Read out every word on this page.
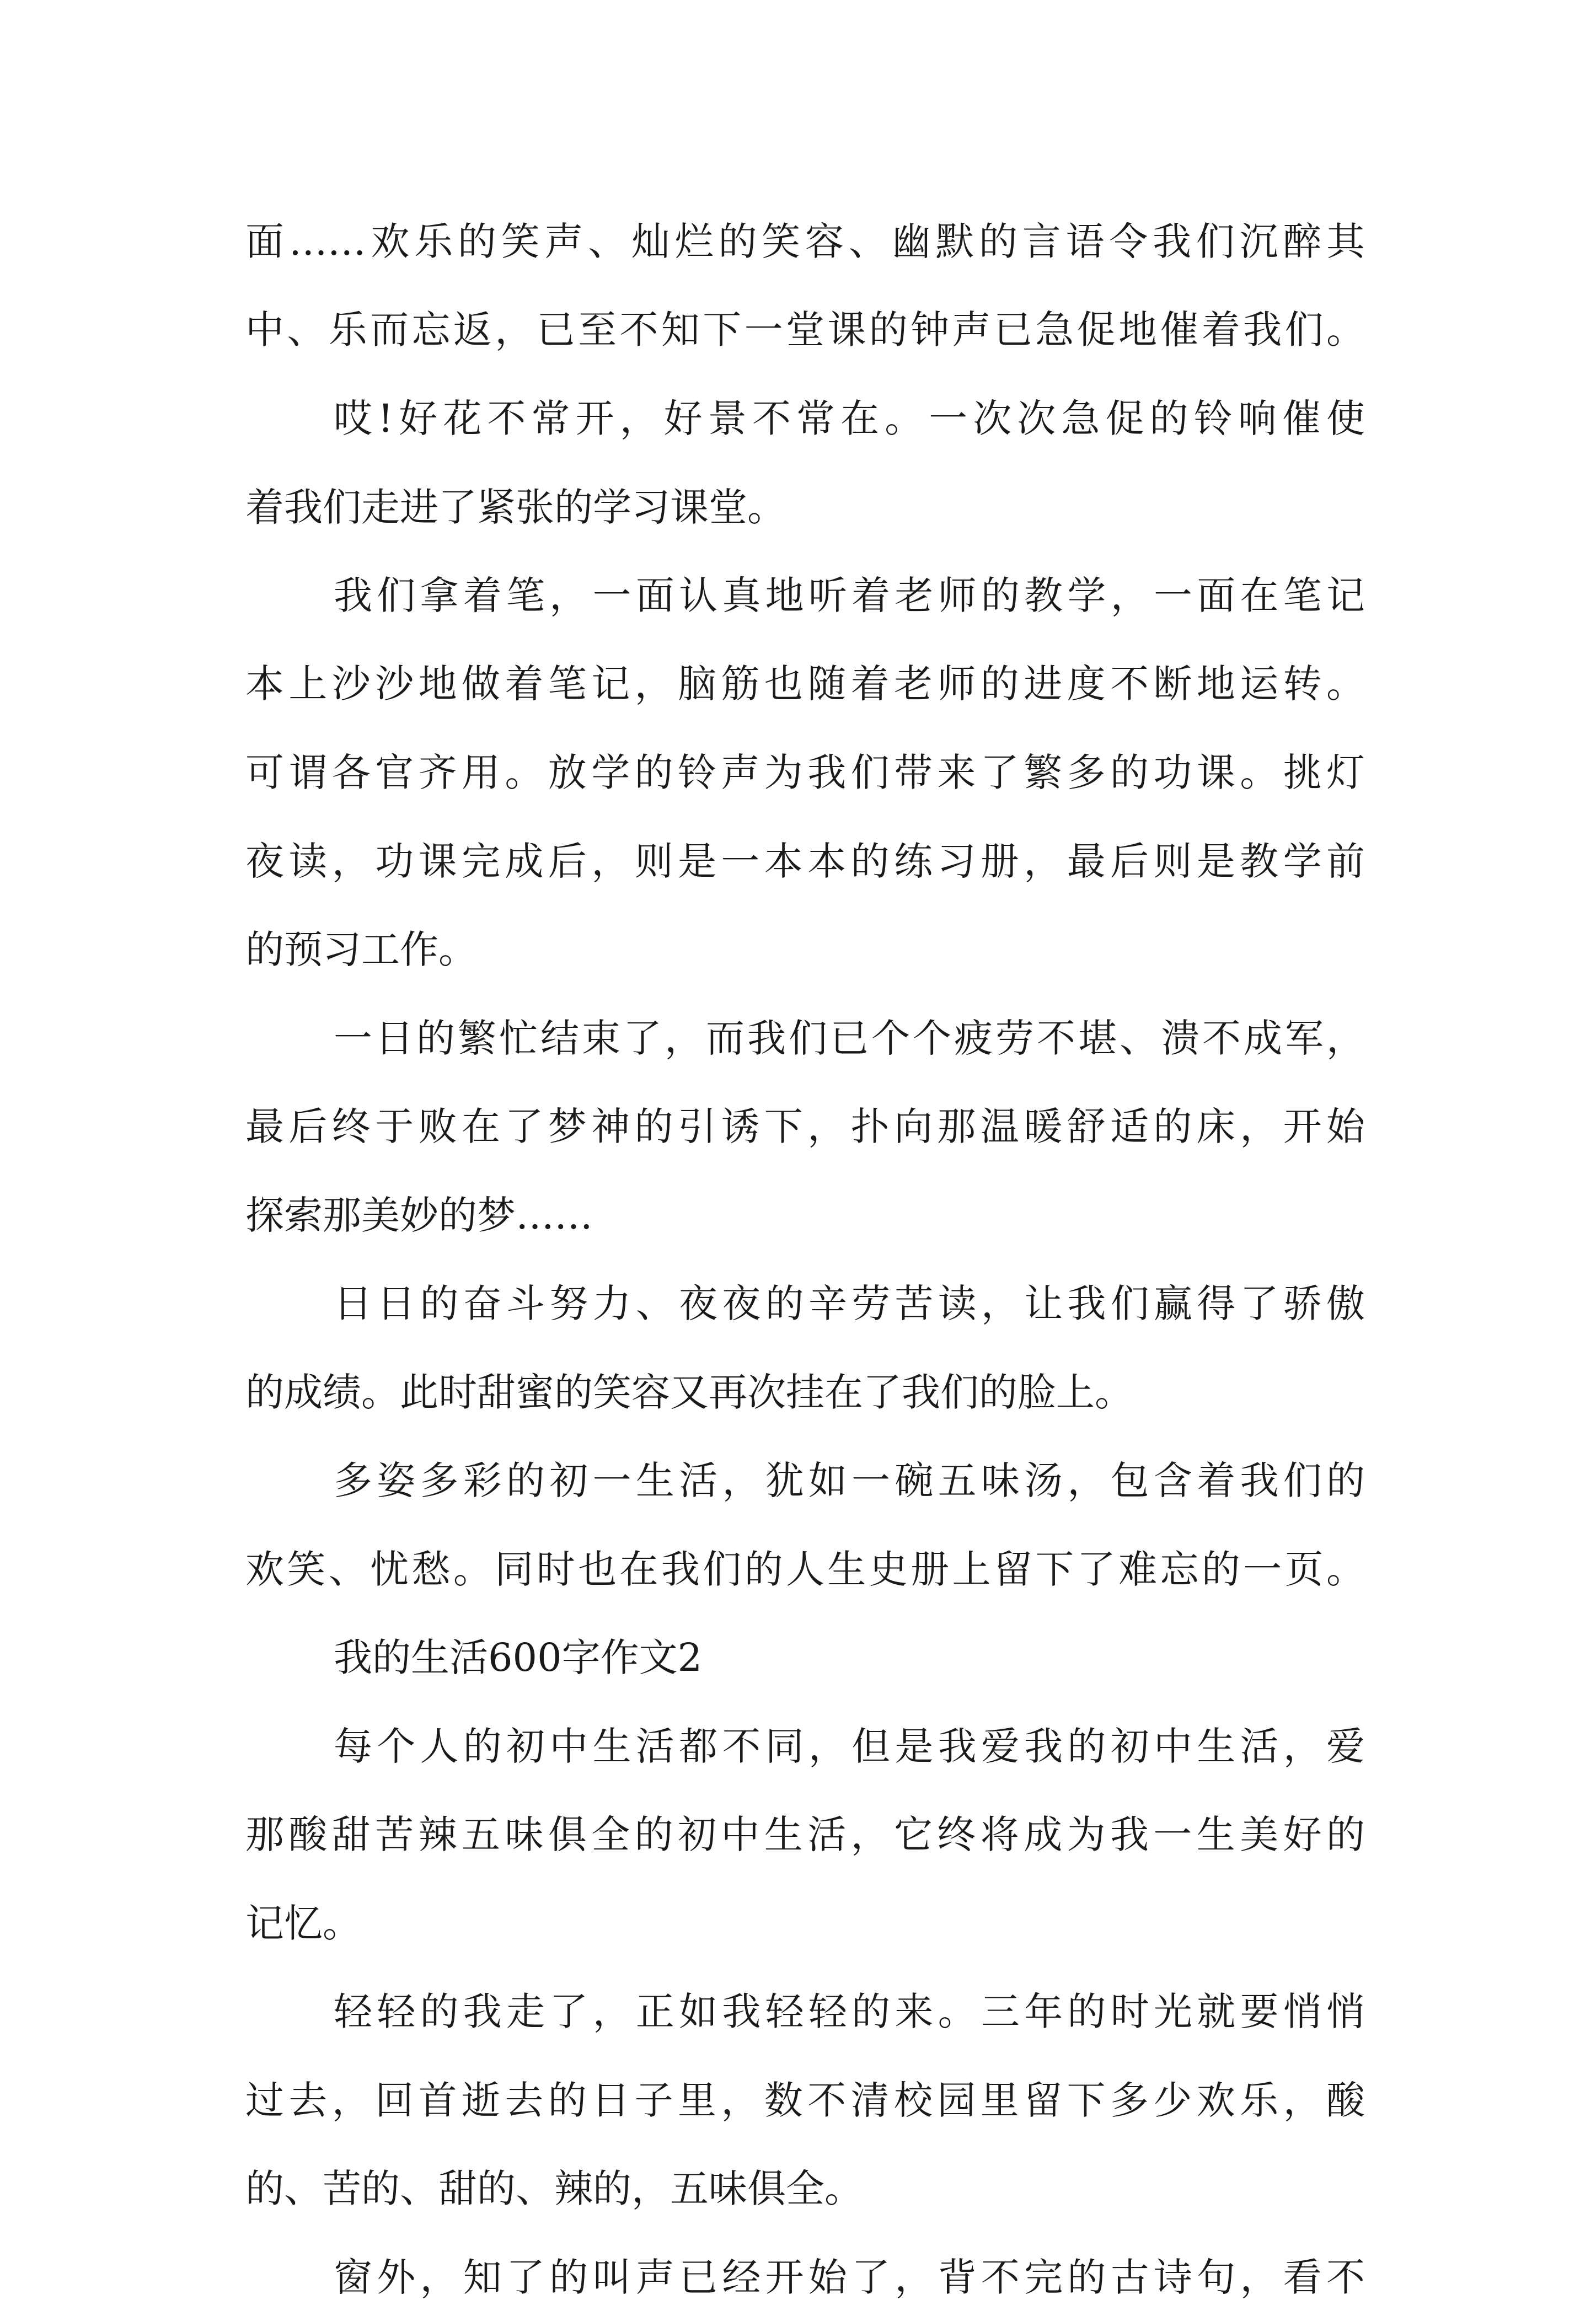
面……欢乐的笑声、灿烂的笑容、幽默的言语令我们沉醉其
中、乐而忘返，已至不知下一堂课的钟声已急促地催着我们。
哎!好花不常开，好景不常在。一次次急促的铃响催使
着我们走进了紧张的学习课堂。
我们拿着笔，一面认真地听着老师的教学，一面在笔记
本上沙沙地做着笔记，脑筋也随着老师的进度不断地运转。
可谓各官齐用。放学的铃声为我们带来了繁多的功课。挑灯
夜读，功课完成后，则是一本本的练习册，最后则是教学前
的预习工作。
一日的繁忙结束了，而我们已个个疲劳不堪、溃不成军，
最后终于败在了梦神的引诱下，扑向那温暖舒适的床，开始
探索那美妙的梦……
日日的奋斗努力、夜夜的辛劳苦读，让我们赢得了骄傲
的成绩。此时甜蜜的笑容又再次挂在了我们的脸上。
多姿多彩的初一生活，犹如一碗五味汤，包含着我们的
欢笑、忧愁。同时也在我们的人生史册上留下了难忘的一页。
我的生活600字作文2
每个人的初中生活都不同，但是我爱我的初中生活，爱
那酸甜苦辣五味俱全的初中生活，它终将成为我一生美好的
记忆。
轻轻的我走了，正如我轻轻的来。三年的时光就要悄悄
过去，回首逝去的日子里，数不清校园里留下多少欢乐，酸
的、苦的、甜的、辣的，五味俱全。
窗外，知了的叫声已经开始了，背不完的古诗句，看不
